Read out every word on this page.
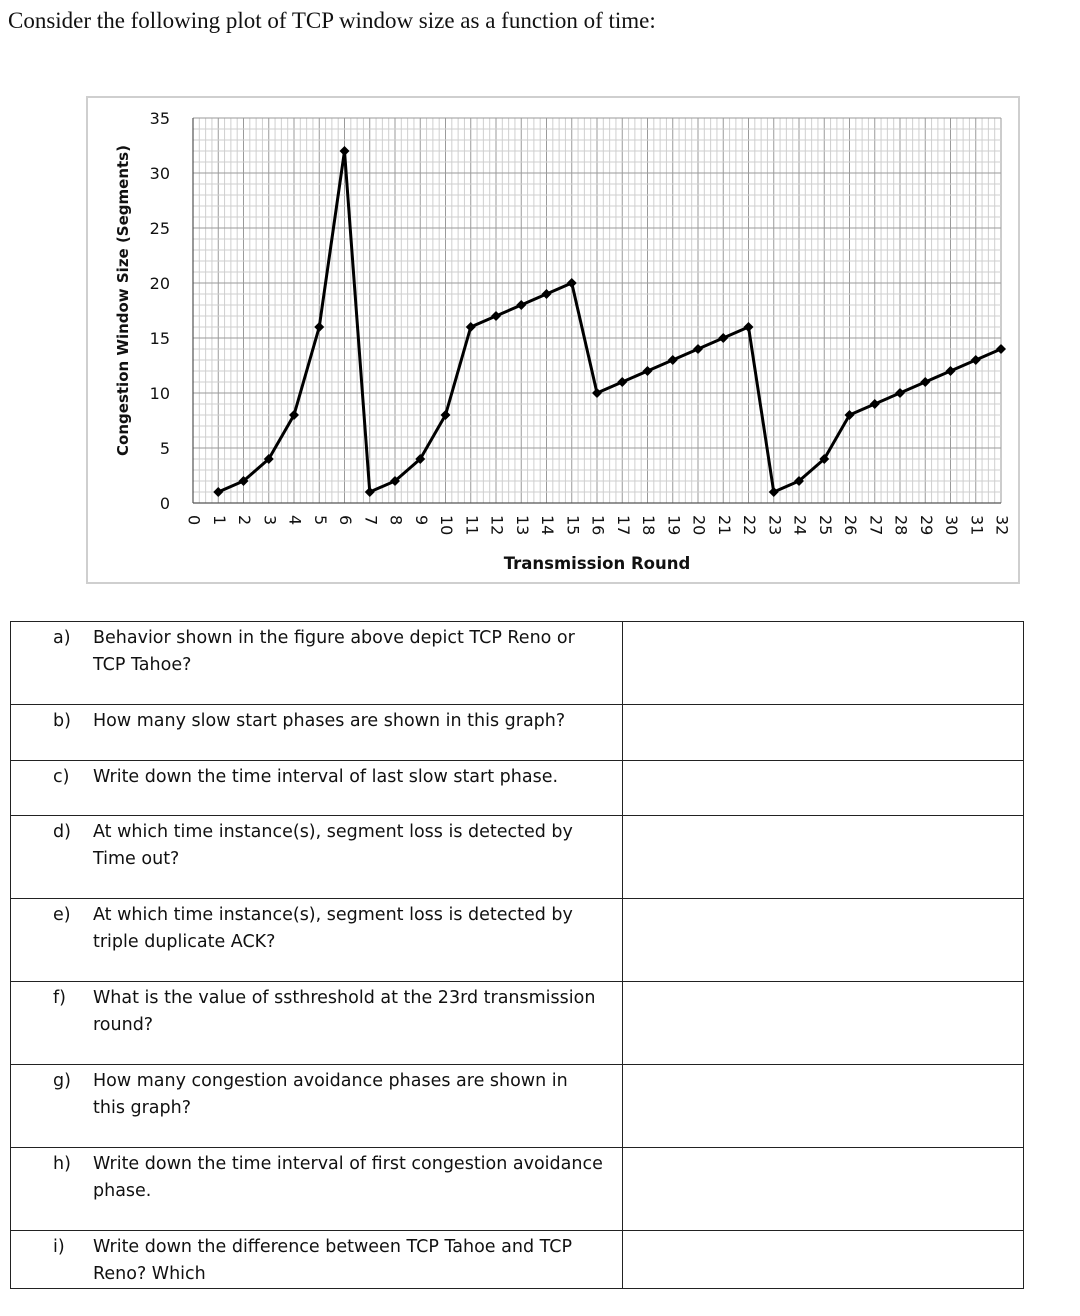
Consider the following plot of TCP window size as a function of time:
0
5
10
15
20
25
30
35
0 1 2 3 4 5 6 7 8 9 10 11 12 13 14 15 16 17 18 19 20 21 22 23 24 25 26 27 28 29 30 31 32
Transmission Round
Congestion Window Size (Segments)
a) Behavior shown in the figure above depict TCP Reno or TCP Tahoe?	

b) How many slow start phases are shown in this graph?	

c) Write down the time interval of last slow start phase.	

d) At which time instance(s), segment loss is detected by Time out?	

e) At which time instance(s), segment loss is detected by triple duplicate ACK?	

f) What is the value of ssthreshold at the 23rd transmission round?	

g) How many congestion avoidance phases are shown in this graph?	

h) Write down the time interval of first congestion avoidance phase.	

i) Write down the difference between TCP Tahoe and TCP Reno? Which	
